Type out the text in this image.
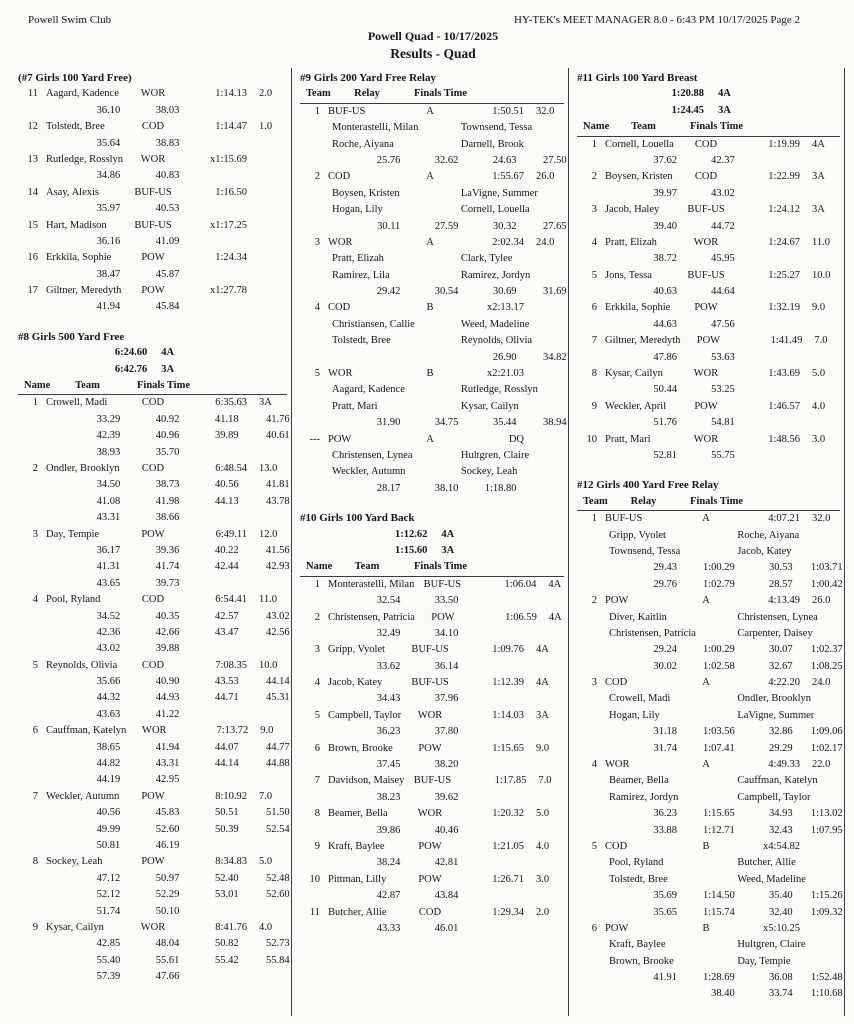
Powell Swim Club	HY-TEK's MEET MANAGER 8.0 - 6:43 PM 10/17/2025 Page 2
Powell Quad - 10/17/2025
Results - Quad
(#7 Girls 100 Yard Free)
11 Aagard, Kadence	WOR	1:14.13	2.0
36.10	38.03
12 Tolstedt, Bree	COD	1:14.47	1.0
35.64	38.83
13 Rutledge, Rosslyn	WOR	x1:15.69
34.86	40.83
14 Asay, Alexis	BUF-US	1:16.50
35.97	40.53
15 Hart, Madison	BUF-US	x1:17.25
36.16	41.09
16 Erkkila, Sophie	POW	1:24.34
38.47	45.87
17 Giltner, Meredyth	POW	x1:27.78
41.94	45.84
#8 Girls 500 Yard Free
6:24.60 4A
6:42.76 3A
Name	Team	Finals Time
1 Crowell, Madi	COD	6:35.63	3A
33.29	40.92	41.18	41.76
42.39	40.96	39.89	40.61
38.93	35.70
2 Ondler, Brooklyn	COD	6:48.54	13.0
34.50	38.73	40.56	41.81
41.08	41.98	44.13	43.78
43.31	38.66
3 Day, Tempie	POW	6:49.11	12.0
36.17	39.36	40.22	41.56
41.31	41.74	42.44	42.93
43.65	39.73
4 Pool, Ryland	COD	6:54.41	11.0
34.52	40.35	42.57	43.02
42.36	42.66	43.47	42.56
43.02	39.88
5 Reynolds, Olivia	COD	7:08.35	10.0
35.66	40.90	43.53	44.14
44.32	44.93	44.71	45.31
43.63	41.22
6 Cauffman, Katelyn	WOR	7:13.72	9.0
38.65	41.94	44.07	44.77
44.82	43.31	44.14	44.88
44.19	42.95
7 Weckler, Autumn	POW	8:10.92	7.0
40.56	45.83	50.51	51.50
49.99	52.60	50.39	52.54
50.81	46.19
8 Sockey, Leah	POW	8:34.83	5.0
47.12	50.97	52.40	52.48
52.12	52.29	53.01	52.60
51.74	50.10
9 Kysar, Cailyn	WOR	8:41.76	4.0
42.85	48.04	50.82	52.73
55.40	55.61	55.42	55.84
57.39	47.66
#9 Girls 200 Yard Free Relay
Team	Relay	Finals Time
1 BUF-US	A	1:50.51	32.0
Monterastelli, Milan	Townsend, Tessa
Roche, Aiyana	Darnell, Brook
25.76	32.62	24.63	27.50
2 COD	A	1:55.67	26.0
Boysen, Kristen	LaVigne, Summer
Hogan, Lily	Cornell, Louella
30.11	27.59	30.32	27.65
3 WOR	A	2:02.34	24.0
Pratt, Elizah	Clark, Tylee
Ramirez, Lila	Ramirez, Jordyn
29.42	30.54	30.69	31.69
4 COD	B	x2:13.17
Christiansen, Callie	Weed, Madeline
Tolstedt, Bree	Reynolds, Olivia
26.90	34.82
5 WOR	B	x2:21.03
Aagard, Kadence	Rutledge, Rosslyn
Pratt, Mari	Kysar, Cailyn
31.90	34.75	35.44	38.94
--- POW	A	DQ
Christensen, Lynea	Hultgren, Claire
Weckler, Autumn	Sockey, Leah
28.17	38.10	1:18.80
#10 Girls 100 Yard Back
1:12.62 4A
1:15.60 3A
Name	Team	Finals Time
1 Monterastelli, Milan BUF-US	1:06.04	4A
32.54	33.50
2 Christensen, Patricia	POW	1:06.59	4A
32.49	34.10
3 Gripp, Vyolet	BUF-US	1:09.76	4A
33.62	36.14
4 Jacob, Katey	BUF-US	1:12.39	4A
34.43	37.96
5 Campbell, Taylor	WOR	1:14.03	3A
36.23	37.80
6 Brown, Brooke	POW	1:15.65	9.0
37.45	38.20
7 Davidson, Maisey BUF-US	1:17.85	7.0
38.23	39.62
8 Beamer, Bella	WOR	1:20.32	5.0
39.86	40.46
9 Kraft, Baylee	POW	1:21.05	4.0
38.24	42.81
10 Pittman, Lilly	POW	1:26.71	3.0
42.87	43.84
11 Butcher, Allie	COD	1:29.34	2.0
43.33	46.01
#11 Girls 100 Yard Breast
1:20.88 4A
1:24.45 3A
Name	Team	Finals Time
1 Cornell, Louella	COD	1:19.99	4A
37.62	42.37
2 Boysen, Kristen	COD	1:22.99	3A
39.97	43.02
3 Jacob, Haley	BUF-US	1:24.12	3A
39.40	44.72
4 Pratt, Elizah	WOR	1:24.67	11.0
38.72	45.95
5 Jons, Tessa	BUF-US	1:25.27	10.0
40.63	44.64
6 Erkkila, Sophie	POW	1:32.19	9.0
44.63	47.56
7 Giltner, Meredyth	POW	1:41.49	7.0
47.86	53.63
8 Kysar, Cailyn	WOR	1:43.69	5.0
50.44	53.25
9 Weckler, April	POW	1:46.57	4.0
51.76	54.81
10 Pratt, Mari	WOR	1:48.56	3.0
52.81	55.75
#12 Girls 400 Yard Free Relay
Team	Relay	Finals Time
1 BUF-US	A	4:07.21	32.0
Gripp, Vyolet	Roche, Aiyana
Townsend, Tessa	Jacob, Katey
29.43	1:00.29	30.53	1:03.71
29.76	1:02.79	28.57	1:00.42
2 POW	A	4:13.49	26.0
Diver, Kaitlin	Christensen, Lynea
Christensen, Patricia	Carpenter, Daisey
29.24	1:00.29	30.07	1:02.37
30.02	1:02.58	32.67	1:08.25
3 COD	A	4:22.20	24.0
Crowell, Madi	Ondler, Brooklyn
Hogan, Lily	LaVigne, Summer
31.18	1:03.56	32.86	1:09.06
31.74	1:07.41	29.29	1:02.17
4 WOR	A	4:49.33	22.0
Beamer, Bella	Cauffman, Katelyn
Ramirez, Jordyn	Campbell, Taylor
36.23	1:15.65	34.93	1:13.02
33.88	1:12.71	32.43	1:07.95
5 COD	B	x4:54.82
Pool, Ryland	Butcher, Allie
Tolstedt, Bree	Weed, Madeline
35.69	1:14.50	35.40	1:15.26
35.65	1:15.74	32.40	1:09.32
6 POW	B	x5:10.25
Kraft, Baylee	Hultgren, Claire
Brown, Brooke	Day, Tempie
41.91	1:28.69	36.08	1:52.48
38.40	33.74	1:10.68
